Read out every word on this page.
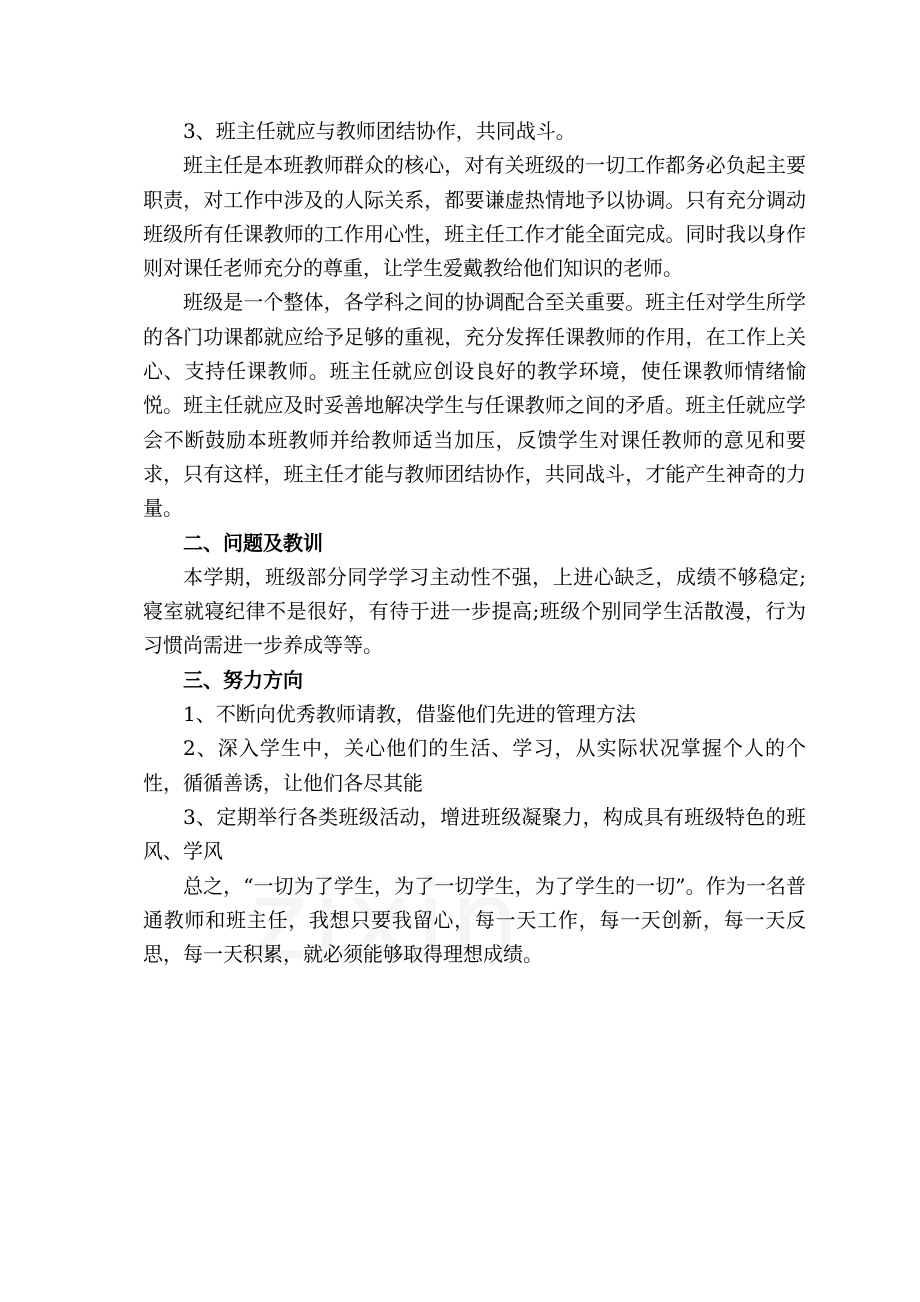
3、班主任就应与教师团结协作，共同战斗。

班主任是本班教师群众的核心，对有关班级的一切工作都务必负起主要职责，对工作中涉及的人际关系，都要谦虚热情地予以协调。只有充分调动班级所有任课教师的工作用心性，班主任工作才能全面完成。同时我以身作则对课任老师充分的尊重，让学生爱戴教给他们知识的老师。

班级是一个整体，各学科之间的协调配合至关重要。班主任对学生所学的各门功课都就应给予足够的重视，充分发挥任课教师的作用，在工作上关心、支持任课教师。班主任就应创设良好的教学环境，使任课教师情绪愉悦。班主任就应及时妥善地解决学生与任课教师之间的矛盾。班主任就应学会不断鼓励本班教师并给教师适当加压，反馈学生对课任教师的意见和要求，只有这样，班主任才能与教师团结协作，共同战斗，才能产生神奇的力量。

二、问题及教训

本学期，班级部分同学学习主动性不强，上进心缺乏，成绩不够稳定;寝室就寝纪律不是很好，有待于进一步提高;班级个别同学生活散漫，行为习惯尚需进一步养成等等。

三、努力方向

1、不断向优秀教师请教，借鉴他们先进的管理方法

2、深入学生中，关心他们的生活、学习，从实际状况掌握个人的个性，循循善诱，让他们各尽其能

3、定期举行各类班级活动，增进班级凝聚力，构成具有班级特色的班风、学风

总之，“一切为了学生，为了一切学生，为了学生的一切”。作为一名普通教师和班主任，我想只要我留心，每一天工作，每一天创新，每一天反思，每一天积累，就必须能够取得理想成绩。
